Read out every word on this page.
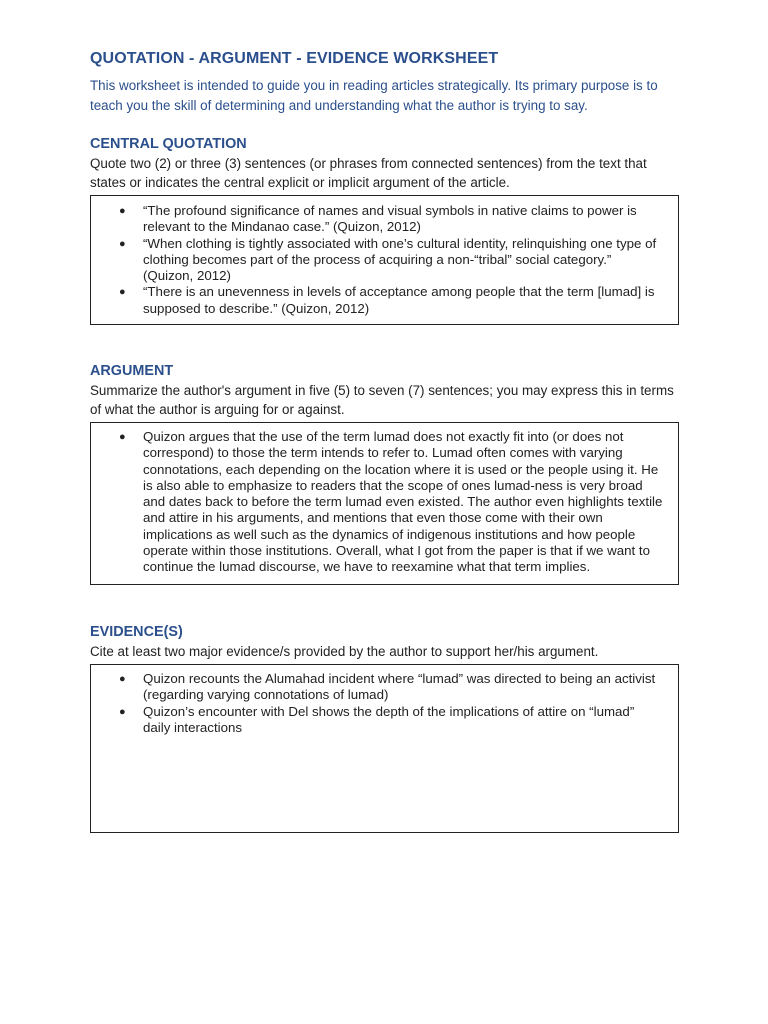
QUOTATION - ARGUMENT - EVIDENCE WORKSHEET

This worksheet is intended to guide you in reading articles strategically. Its primary purpose is to teach you the skill of determining and understanding what the author is trying to say.

CENTRAL QUOTATION

Quote two (2) or three (3) sentences (or phrases from connected sentences) from the text that states or indicates the central explicit or implicit argument of the article.

● “The profound significance of names and visual symbols in native claims to power is relevant to the Mindanao case.” (Quizon, 2012)
● “When clothing is tightly associated with one’s cultural identity, relinquishing one type of clothing becomes part of the process of acquiring a non-“tribal” social category.” (Quizon, 2012)
● “There is an unevenness in levels of acceptance among people that the term [lumad] is supposed to describe.” (Quizon, 2012)
ARGUMENT

Summarize the author's argument in five (5) to seven (7) sentences; you may express this in terms of what the author is arguing for or against.

● Quizon argues that the use of the term lumad does not exactly fit into (or does not correspond) to those the term intends to refer to. Lumad often comes with varying connotations, each depending on the location where it is used or the people using it. He is also able to emphasize to readers that the scope of ones lumad-ness is very broad and dates back to before the term lumad even existed. The author even highlights textile and attire in his arguments, and mentions that even those come with their own implications as well such as the dynamics of indigenous institutions and how people operate within those institutions. Overall, what I got from the paper is that if we want to continue the lumad discourse, we have to reexamine what that term implies.
EVIDENCE(S)

Cite at least two major evidence/s provided by the author to support her/his argument.

● Quizon recounts the Alumahad incident where “lumad” was directed to being an activist (regarding varying connotations of lumad)
● Quizon’s encounter with Del shows the depth of the implications of attire on “lumad” daily interactions
